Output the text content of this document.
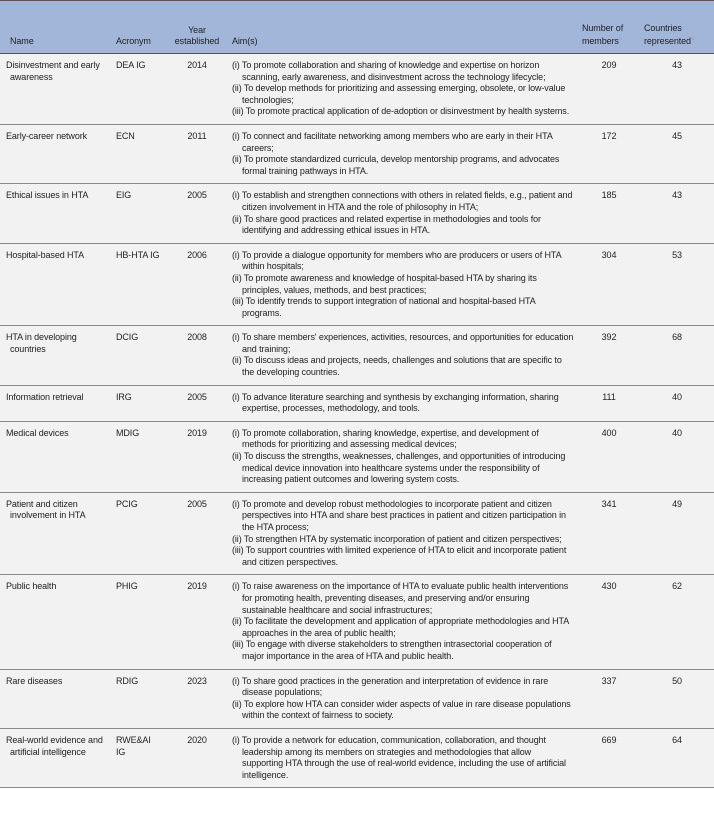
Name	Acronym	Year established	Aim(s)	Number of members$^a$	Countries represented$^a$
Disinvestment and early awareness	DEA IG	2014	(i) To promote collaboration and sharing of knowledge and expertise on horizon scanning, early awareness, and disinvestment across the technology lifecycle;
(ii) To develop methods for prioritizing and assessing emerging, obsolete, or low-value technologies;
(iii) To promote practical application of de-adoption or disinvestment by health systems.	209	43
Early-career network	ECN	2011	(i) To connect and facilitate networking among members who are early in their HTA careers;
(ii) To promote standardized curricula, develop mentorship programs, and advocates formal training pathways in HTA.	172	45
Ethical issues in HTA	EIG	2005	(i) To establish and strengthen connections with others in related fields, e.g., patient and citizen involvement in HTA and the role of philosophy in HTA;
(ii) To share good practices and related expertise in methodologies and tools for identifying and addressing ethical issues in HTA.	185	43
Hospital-based HTA	HB-HTA IG	2006	(i) To provide a dialogue opportunity for members who are producers or users of HTA within hospitals;
(ii) To promote awareness and knowledge of hospital-based HTA by sharing its principles, values, methods, and best practices;
(iii) To identify trends to support integration of national and hospital-based HTA programs.	304	53
HTA in developing countries	DCIG	2008	(i) To share members' experiences, activities, resources, and opportunities for education and training;
(ii) To discuss ideas and projects, needs, challenges and solutions that are specific to the developing countries.	392	68
Information retrieval	IRG	2005	(i) To advance literature searching and synthesis by exchanging information, sharing expertise, processes, methodology, and tools.	111	40
Medical devices	MDIG	2019	(i) To promote collaboration, sharing knowledge, expertise, and development of methods for prioritizing and assessing medical devices;
(ii) To discuss the strengths, weaknesses, challenges, and opportunities of introducing medical device innovation into healthcare systems under the responsibility of increasing patient outcomes and lowering system costs.	400	40
Patient and citizen involvement in HTA	PCIG	2005	(i) To promote and develop robust methodologies to incorporate patient and citizen perspectives into HTA and share best practices in patient and citizen participation in the HTA process;
(ii) To strengthen HTA by systematic incorporation of patient and citizen perspectives;
(iii) To support countries with limited experience of HTA to elicit and incorporate patient and citizen perspectives.	341	49
Public health	PHIG	2019	(i) To raise awareness on the importance of HTA to evaluate public health interventions for promoting health, preventing diseases, and preserving and/or ensuring sustainable healthcare and social infrastructures;
(ii) To facilitate the development and application of appropriate methodologies and HTA approaches in the area of public health;
(iii) To engage with diverse stakeholders to strengthen intrasectorial cooperation of major importance in the area of HTA and public health.	430	62
Rare diseases	RDIG	2023	(i) To share good practices in the generation and interpretation of evidence in rare disease populations;
(ii) To explore how HTA can consider wider aspects of value in rare disease populations within the context of fairness to society.	337	50
Real-world evidence and artificial intelligence	RWE&AI IG	2020	(i) To provide a network for education, communication, collaboration, and thought leadership among its members on strategies and methodologies that allow supporting HTA through the use of real-world evidence, including the use of artificial intelligence.	669	64
